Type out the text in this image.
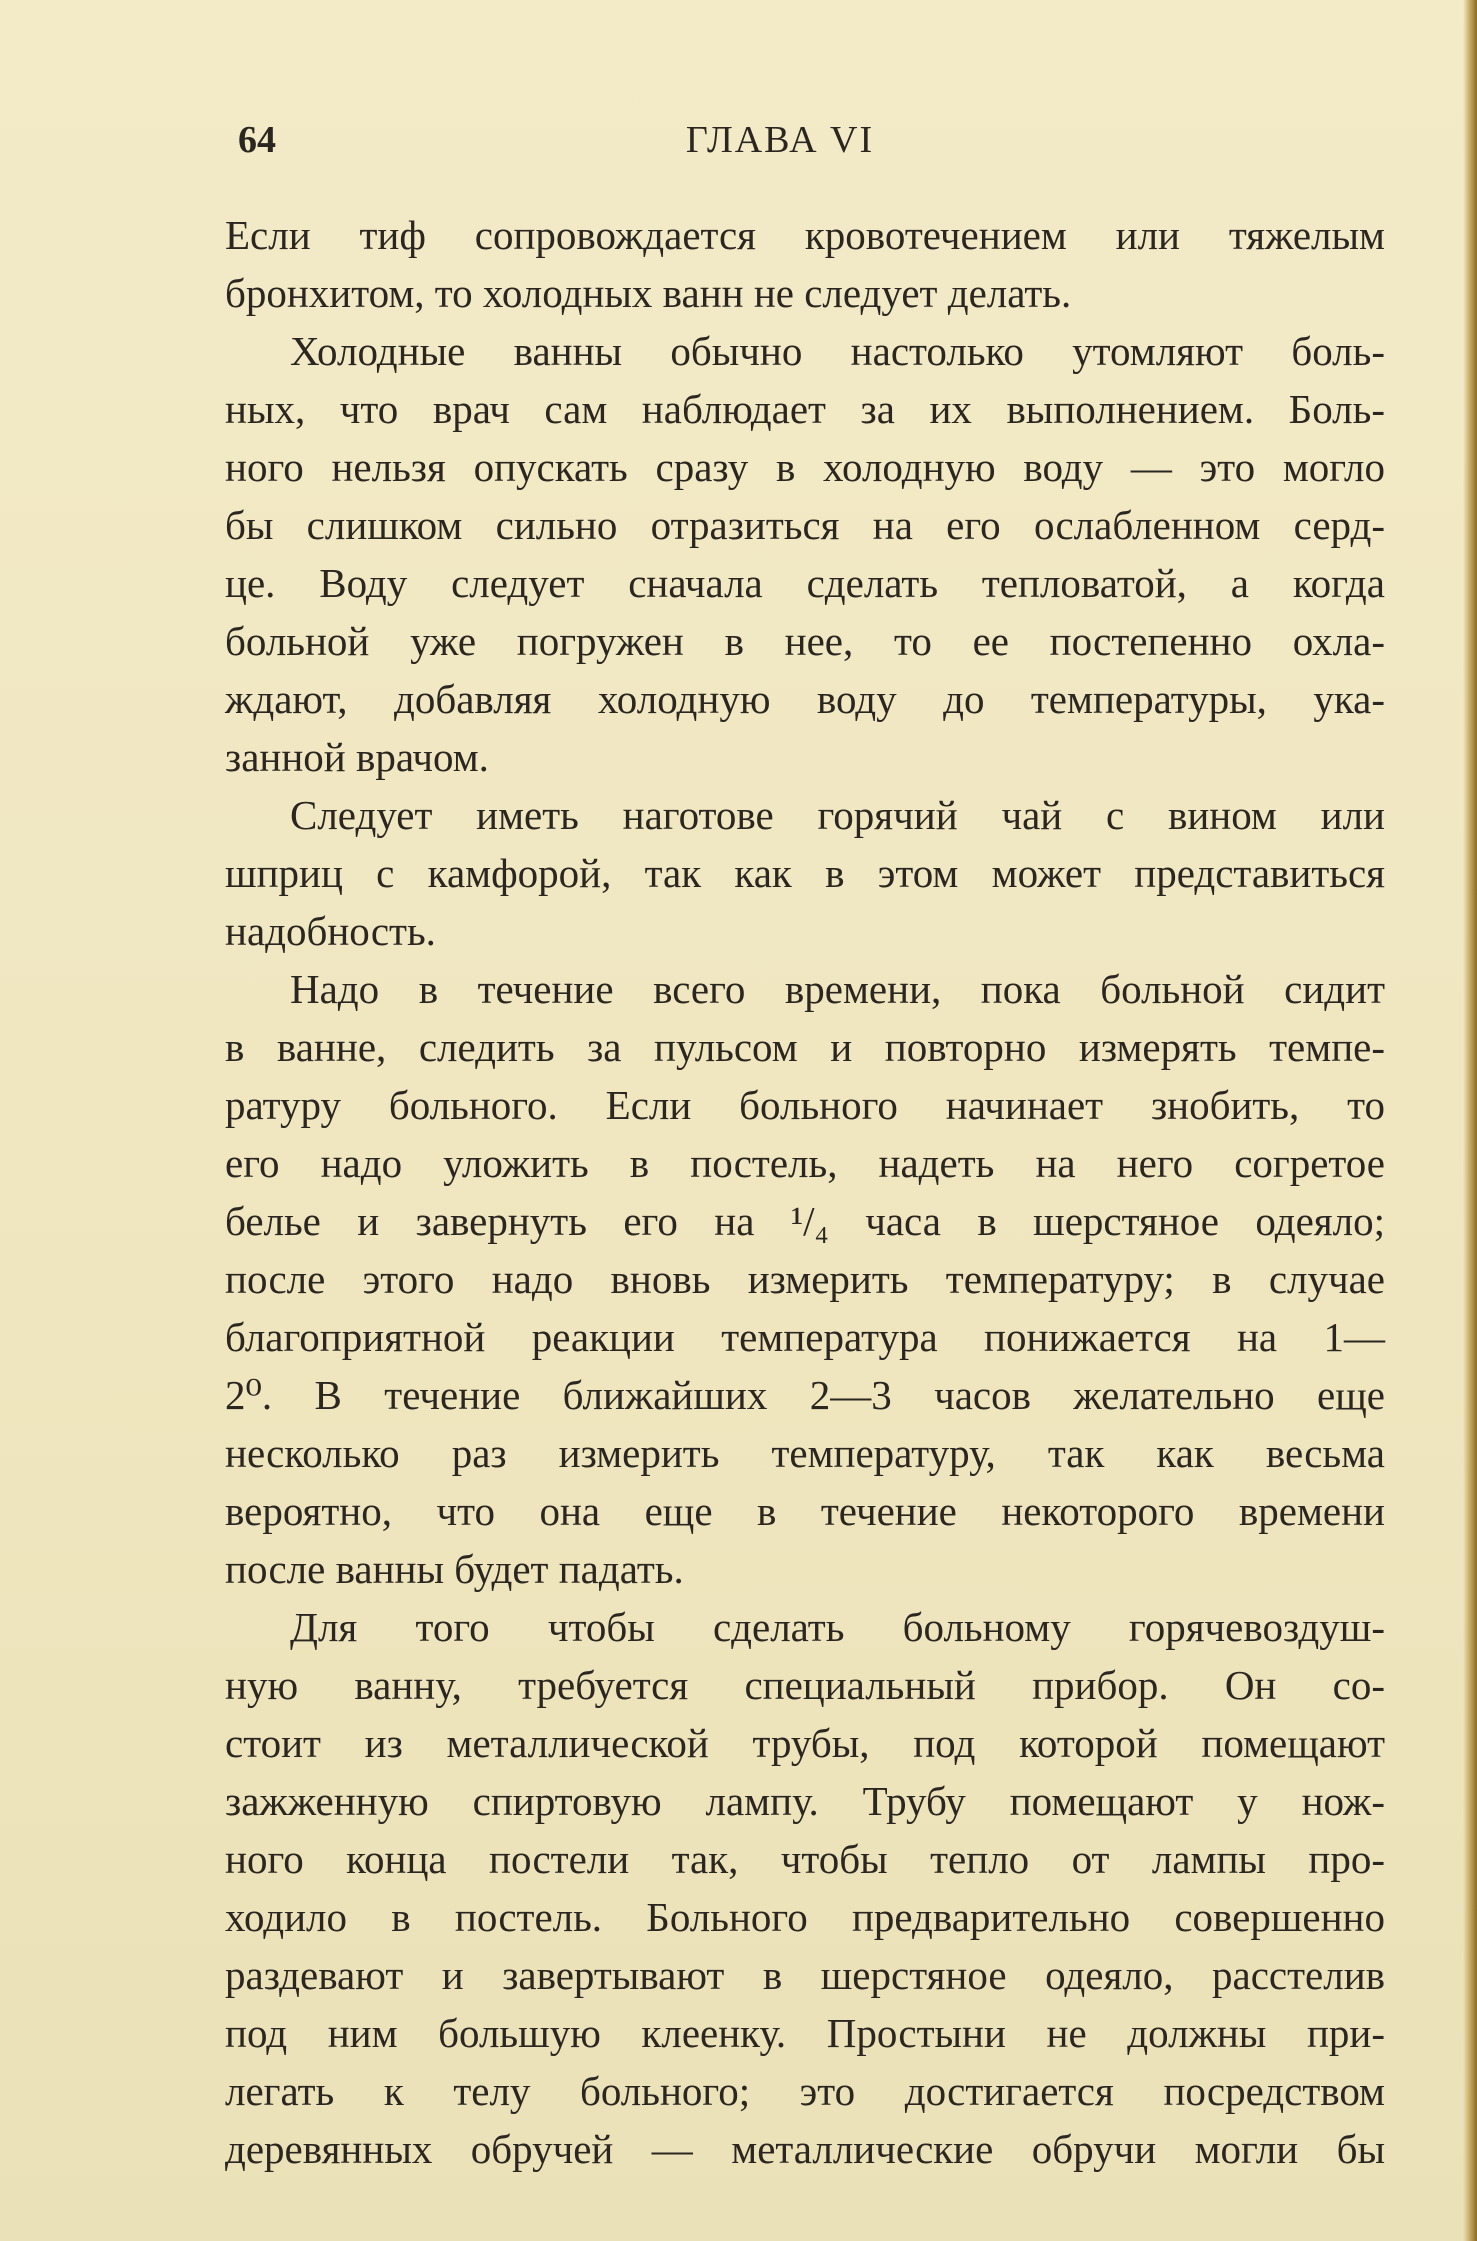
64	ГЛАВА VI
Если тиф сопровождается кровотечением или тяжелым
бронхитом, то холодных ванн не следует делать.
Холодные ванны обычно настолько утомляют боль-
ных, что врач сам наблюдает за их выполнением. Боль-
ного нельзя опускать сразу в холодную воду — это могло
бы слишком сильно отразиться на его ослабленном серд-
це. Воду следует сначала сделать тепловатой, а когда
больной уже погружен в нее, то ее постепенно охла-
ждают, добавляя холодную воду до температуры, ука-
занной врачом.
Следует иметь наготове горячий чай с вином или
шприц с камфорой, так как в этом может представиться
надобность.
Надо в течение всего времени, пока больной сидит
в ванне, следить за пульсом и повторно измерять темпе-
ратуру больного. Если больного начинает знобить, то
его надо уложить в постель, надеть на него согретое
белье и завернуть его на ¹/₄ часа в шерстяное одеяло;
после этого надо вновь измерить температуру; в случае
благоприятной реакции температура понижается на 1—
2⁰. В течение ближайших 2—3 часов желательно еще
несколько раз измерить температуру, так как весьма
вероятно, что она еще в течение некоторого времени
после ванны будет падать.
Для того чтобы сделать больному горячевоздуш-
ную ванну, требуется специальный прибор. Он со-
стоит из металлической трубы, под которой помещают
зажженную спиртовую лампу. Трубу помещают у нож-
ного конца постели так, чтобы тепло от лампы про-
ходило в постель. Больного предварительно совершенно
раздевают и завертывают в шерстяное одеяло, расстелив
под ним большую клеенку. Простыни не должны при-
легать к телу больного; это достигается посредством
деревянных обручей — металлические обручи могли бы
